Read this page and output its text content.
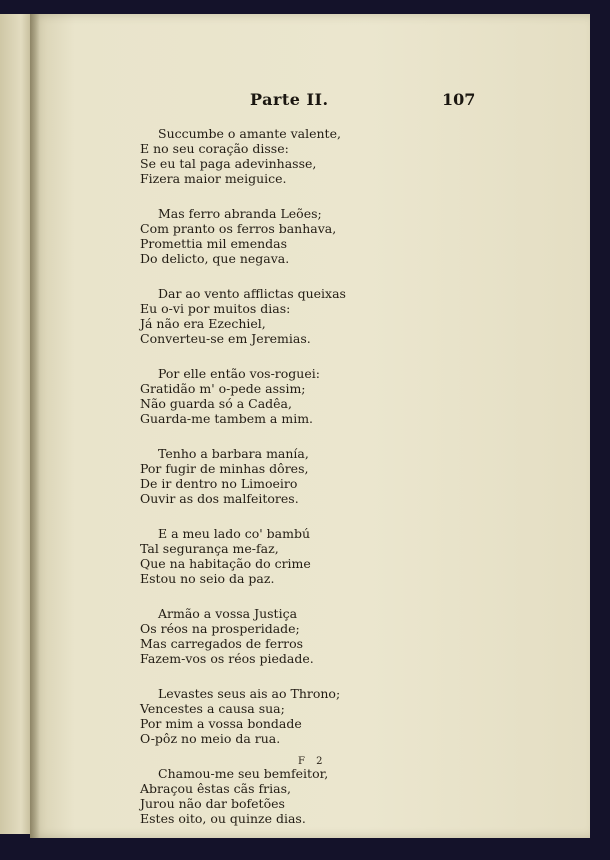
Parte II.	107
Succumbe o amante valente,
E no seu coração disse:
Se eu tal paga adevinhasse,
Fizera maior meiguice.
Mas ferro abranda Leões;
Com pranto os ferros banhava,
Promettia mil emendas
Do delicto, que negava.
Dar ao vento afflictas queixas
Eu o-vi por muitos dias:
Já não era Ezechiel,
Converteu-se em Jeremias.
Por elle então vos-roguei:
Gratidão m' o-pede assim;
Não guarda só a Cadêa,
Guarda-me tambem a mim.
Tenho a barbara manía,
Por fugir de minhas dôres,
De ir dentro no Limoeiro
Ouvir as dos malfeitores.
E a meu lado co' bambú
Tal segurança me-faz,
Que na habitação do crime
Estou no seio da paz.
Armão a vossa Justiça
Os réos na prosperidade;
Mas carregados de ferros
Fazem-vos os réos piedade.
Levastes seus ais ao Throno;
Vencestes a causa sua;
Por mim a vossa bondade
O-pôz no meio da rua.
Chamou-me seu bemfeitor,
Abraçou êstas cãs frias,
Jurou não dar bofetões
Estes oito, ou quinze dias.
F 2
